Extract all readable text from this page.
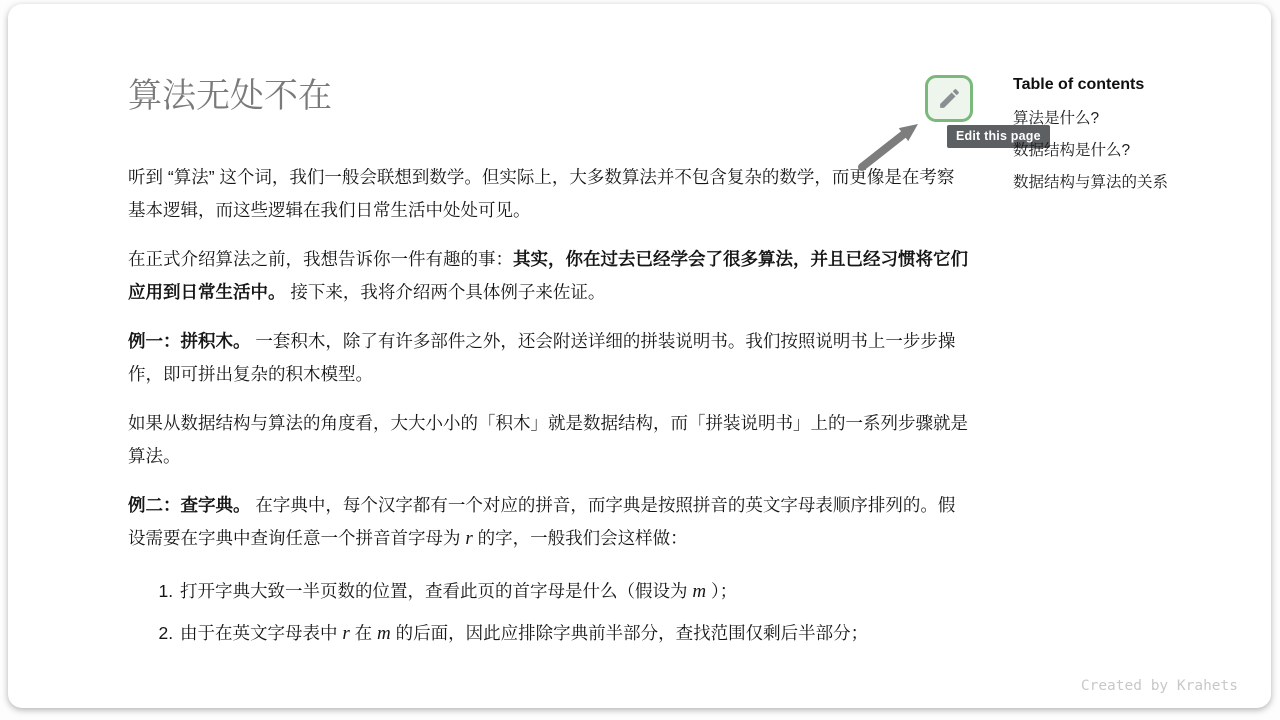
算法无处不在

听到 “算法” 这个词，我们一般会联想到数学。但实际上，大多数算法并不包含复杂的数学，而更像是在考察基本逻辑，而这些逻辑在我们日常生活中处处可见。

在正式介绍算法之前，我想告诉你一件有趣的事：其实，你在过去已经学会了很多算法，并且已经习惯将它们应用到日常生活中。 接下来，我将介绍两个具体例子来佐证。

例一：拼积木。 一套积木，除了有许多部件之外，还会附送详细的拼装说明书。我们按照说明书上一步步操作，即可拼出复杂的积木模型。

如果从数据结构与算法的角度看，大大小小的「积木」就是数据结构，而「拼装说明书」上的一系列步骤就是算法。

例二：查字典。 在字典中，每个汉字都有一个对应的拼音，而字典是按照拼音的英文字母表顺序排列的。假设需要在字典中查询任意一个拼音首字母为 r 的字，一般我们会这样做：

1. 打开字典大致一半页数的位置，查看此页的首字母是什么（假设为 m ）；
2. 由于在英文字母表中 r 在 m 的后面，因此应排除字典前半部分，查找范围仅剩后半部分；
Edit this page
Table of contents
算法是什么?
数据结构是什么?
数据结构与算法的关系
Created by Krahets
